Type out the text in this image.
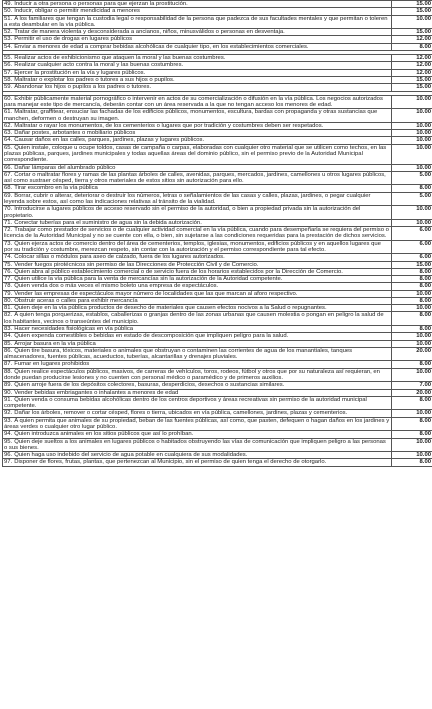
49. Inducir a otra persona o personas para que ejerzan la prostitución.	15.00
50. Inducir, obligar o permitir mendicidad a menores	15.00
51. A los familiares que tengan la custodia legal o responsabilidad de la persona que padezca de sus facultades mentales y que permitan o toleren a esta deambular en la vía pública.	10.00
52. Tratar de manera violenta y desconsiderada a ancianos, niños, minusválidos o personas en desventaja.	15.00
53. Permitir el uso de drogas en lugares públicos	12.00
54. Enviar a menores de edad a comprar bebidas alcohólicas de cualquier tipo, en los establecimientos comerciales.	8.00

55. Realizar actos de exhibicionismo que ataquen la moral y las buenas costumbres.	12.00
56. Realizar cualquier acto contra la moral y las buenas costumbres.	12.00
57. Ejercer la prostitución en la vía y lugares públicos.	12.00
58. Maltratar o explotar los padres o tutores a sus hijos o pupilos.	15.00
59. Abandonar los hijos o pupilos a los padres o tutores.	15.00

60. Exhibir públicamente material pornográfico o intervenir en actos de su comercialización o difusión en la vía pública. Los negocios autorizados para manejar este tipo de mercancía, deberán contar con un área reservada a la que no tengan acceso los menores de edad.	10.00
61. Maltratar, graffitear, ensuciar las fachadas de los edificios públicos, monumentos, escultura, bardas con propaganda y otras sustancias que manchen, deformen o destruyan su imagen.	10.00
62. Maltratar o rayar los monumentos, de los cementerios o lugares que por tradición y costumbres deben ser respetados.	10.00
63. Dañar postes, arbotantes o mobiliario públicos	10.00
64. Causar daños en las calles, parques, jardines, plazas y lugares públicos.	10.00
65. Quien instale, coloque u ocupe toldos, casas de campaña o carpas, elaboradas con cualquier otro material que se utilicen como techos, en las plazas públicas, parques, jardines municipales y todas aquellas áreas del dominio público, sin el permiso previo de la Autoridad Municipal correspondiente.	10.00
66. Dañar lámparas del alumbrado público	10.00
67. Cortar o maltratar flores y ramas de las plantas árboles de calles, avenidas, parques, mercados, jardines, camellones u otros lugares públicos, así como sustraer césped, tierra y otros materiales de estos sitios sin autorización para ello.	5.00
68. Tirar escombro en la vía pública	8.00
69. Borrar, cubrir o alterar, deteriorar o destruir los números, letras o señalamientos de las casas y calles, plazas, jardines, o pegar cualquier leyenda sobre estos, así como las indicaciones relativas al tránsito de la vialidad.	5.00
70. Introducirse a lugares públicos de acceso reservado sin el permiso de la autoridad, o bien a propiedad privada sin la autorización del propietario.	10.00
71. Conectar tuberías para el suministro de agua sin la debida autorización.	10.00
72. Trabajar como prestador de servicios o de cualquier actividad comercial en la vía pública, cuando para desempeñarla se requiera del permiso o licencia de la Autoridad Municipal y no se cuente con ella, o bien, sin sujetarse a las condiciones requeridas para la prestación de dichos servicios.	6.00
73. Quien ejerza actos de comercio dentro del área de cementerios, templos, iglesias, monumentos, edificios públicos y en aquellos lugares que por su tradición y costumbre, merezcan respeto, sin contar con la autorización y el permiso correspondiente para tal efecto.	6.00
74. Colocar sillas o módulos para aseo de calzado, fuera de los lugares autorizados.	6.00
75. Vender fuegos pirotécnicos sin permiso de las Direcciones de Protección Civil y de Comercio.	15.00
76. Quien abra al público establecimiento comercial o de servicio fuera de los horarios establecidos por la Dirección de Comercio.	8.00
77. Quien utilice la vía pública para la venta de mercancías sin la autorización de la Autoridad competente.	8.00
78. Quien venda dos o más veces el mismo boleto una empresa de espectáculos.	8.00
79. Vender las empresas de espectáculos mayor número de localidades que las que marcan al aforo respectivo.	10.00
80. Obstruir aceras o calles para exhibir mercancía	8.00
81. Quien deje en la vía pública productos de desecho de materiales que causen efectos nocivos a la Salud o repugnantes.	10.00
82. A quien tenga porquerizas, establos, caballerizas o granjas dentro de las zonas urbanas que causen molestia o pongan en peligro la salud de los habitantes, vecinos o transeúntes del municipio.	8.00
83. Hacer necesidades fisiológicas en vía pública	8.00
84. Quien expenda comestibles o bebidas en estado de descomposición que impliquen peligro para la salud.	10.00
85. Arrojar basura en la vía pública	10.00
86. Quien tire basura, tóxicos, materiales o animales que obstruyan o contaminen las corrientes de agua de los manantiales, tanques almacenadores, fuentes públicas, acueductos, tuberías, alcantarillas y drenajes pluviales.	20.00
87. Fumar en lugares prohibidos	8.00
88. Quien realice espectáculos públicos, masivos, de carreras de vehículos, toros, rodeos, fútbol y otros que por su naturaleza así requieran, en donde puedan producirse lesiones y no cuenten con personal médico o paramédico y de primeros auxilios.	10.00
89. Quien arroje fuera de los depósitos colectores, basuras, desperdicios, desechos o sustancias similares.	7.00
90. Vender bebidas embriagantes o inhalantes a menores de edad	20.00
91. Quien venda o consuma bebidas alcohólicas dentro de los centros deportivos y áreas recreativas sin permiso de la autoridad municipal competente.	8.00
92. Dañar los árboles, remover o cortar césped, flores o tierra, ubicados en vía pública, camellones, jardines, plazas y cementerios.	10.00
93. A quien permita que animales de su propiedad, beban de las fuentes públicas, así como, que pasten, defequen o hagan daños en los jardines y áreas verdes o cualquier otro lugar público.	8.00
94. Quien introduzca animales en los sitios públicos que así lo prohíban.	8.00
95. Quien deje sueltos a los animales en lugares públicos o habitados obstruyendo las vías de comunicación que impliquen peligro a las personas o sus bienes.	10.00
96. Quien haga uso indebido del servicio de agua potable en cualquiera de sus modalidades.	10.00
97. Disponer de flores, frutas, plantas, que pertenezcan al Municipio, sin el permiso de quien tenga el derecho de otorgarlo.	8.00
